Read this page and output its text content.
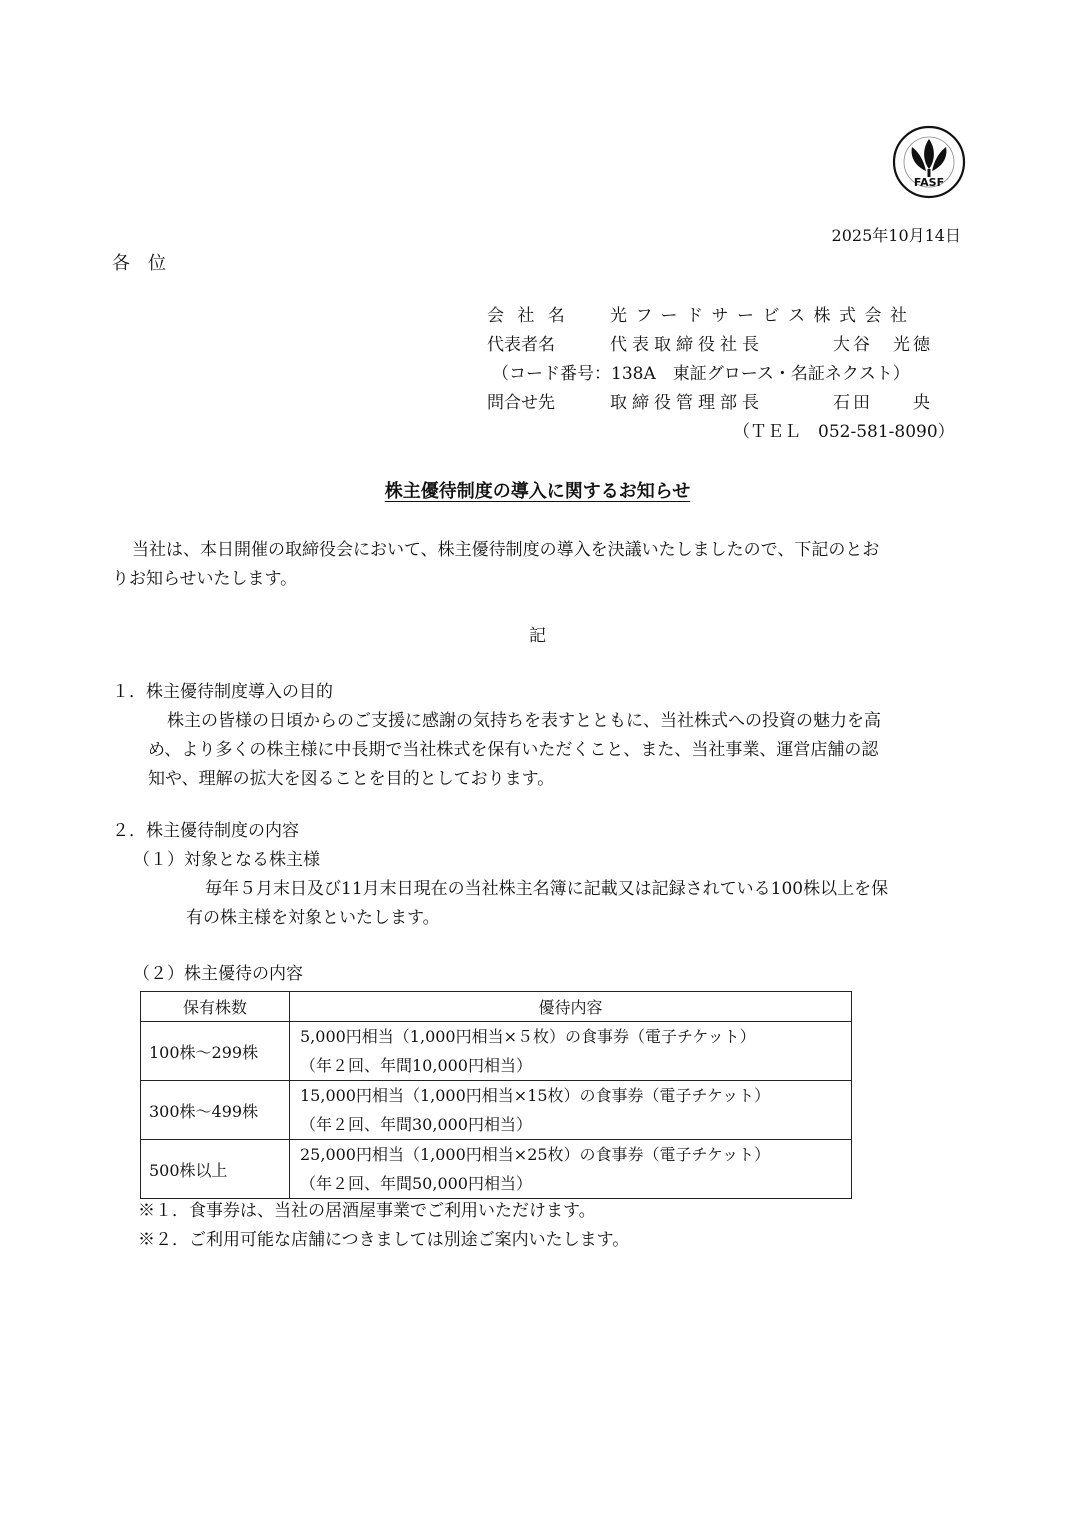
FASF
2025年10月14日
各　位
会 社 名 光フードサービス株式会社
代表者名	代表取締役社長	大谷　光徳
（コード番号：138A　東証グロース・名証ネクスト）
問合せ先	取締役管理部長	石田　　央
（ＴＥＬ　052-581-8090）
株主優待制度の導入に関するお知らせ
当社は、本日開催の取締役会において、株主優待制度の導入を決議いたしましたので、下記のとお
りお知らせいたします。
記
１．株主優待制度導入の目的
株主の皆様の日頃からのご支援に感謝の気持ちを表すとともに、当社株式への投資の魅力を高
め、より多くの株主様に中長期で当社株式を保有いただくこと、また、当社事業、運営店舗の認
知や、理解の拡大を図ることを目的としております。
２．株主優待制度の内容
（１）対象となる株主様
毎年５月末日及び11月末日現在の当社株主名簿に記載又は記録されている100株以上を保
有の株主様を対象といたします。
（２）株主優待の内容
保有株数	優待内容
100株～299株	5,000円相当（1,000円相当×５枚）の食事券（電子チケット）
（年２回、年間10,000円相当）

300株～499株	15,000円相当（1,000円相当×15枚）の食事券（電子チケット）
（年２回、年間30,000円相当）

500株以上	25,000円相当（1,000円相当×25枚）の食事券（電子チケット）
（年２回、年間50,000円相当）
※１．食事券は、当社の居酒屋事業でご利用いただけます。
※２．ご利用可能な店舗につきましては別途ご案内いたします。
